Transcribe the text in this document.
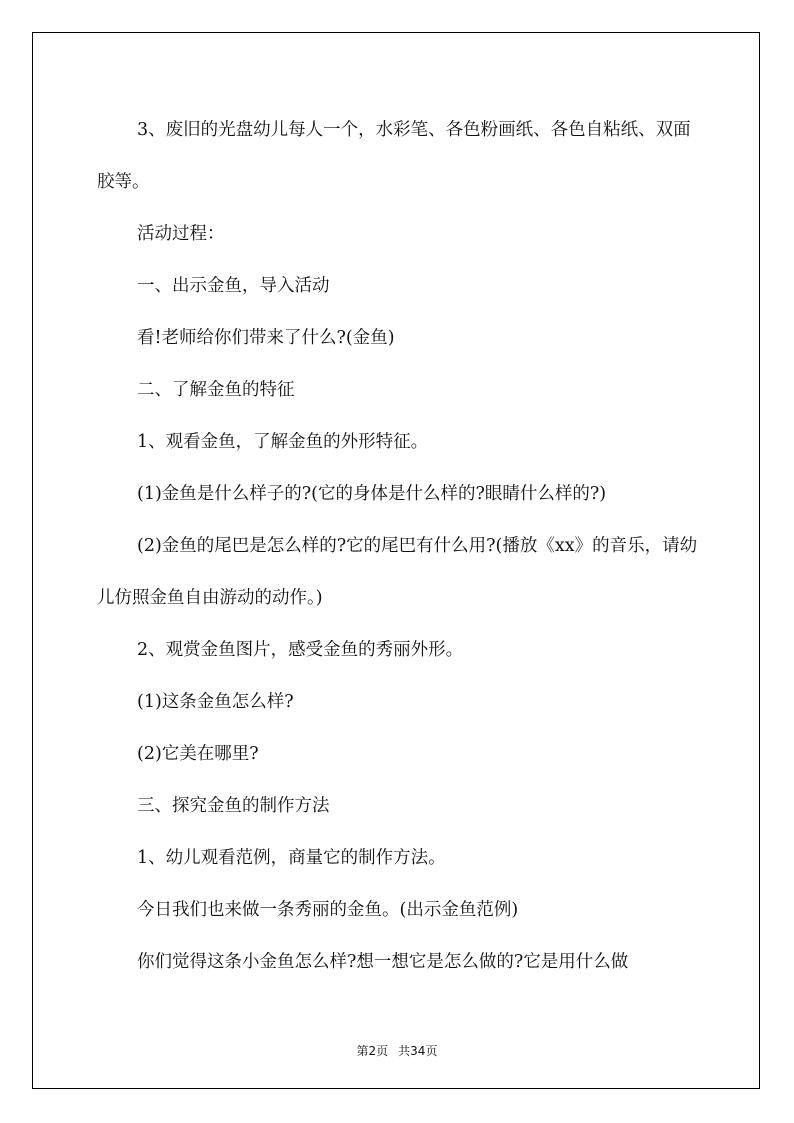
3、废旧的光盘幼儿每人一个，水彩笔、各色粉画纸、各色自粘纸、双面胶等。

活动过程：

一、出示金鱼，导入活动

看!老师给你们带来了什么?(金鱼)

二、了解金鱼的特征

1、观看金鱼，了解金鱼的外形特征。

(1)金鱼是什么样子的?(它的身体是什么样的?眼睛什么样的?)

(2)金鱼的尾巴是怎么样的?它的尾巴有什么用?(播放《xx》的音乐，请幼儿仿照金鱼自由游动的动作。)

2、观赏金鱼图片，感受金鱼的秀丽外形。

(1)这条金鱼怎么样?

(2)它美在哪里?

三、探究金鱼的制作方法

1、幼儿观看范例，商量它的制作方法。

今日我们也来做一条秀丽的金鱼。(出示金鱼范例)

你们觉得这条小金鱼怎么样?想一想它是怎么做的?它是用什么做

第2页 共34页
